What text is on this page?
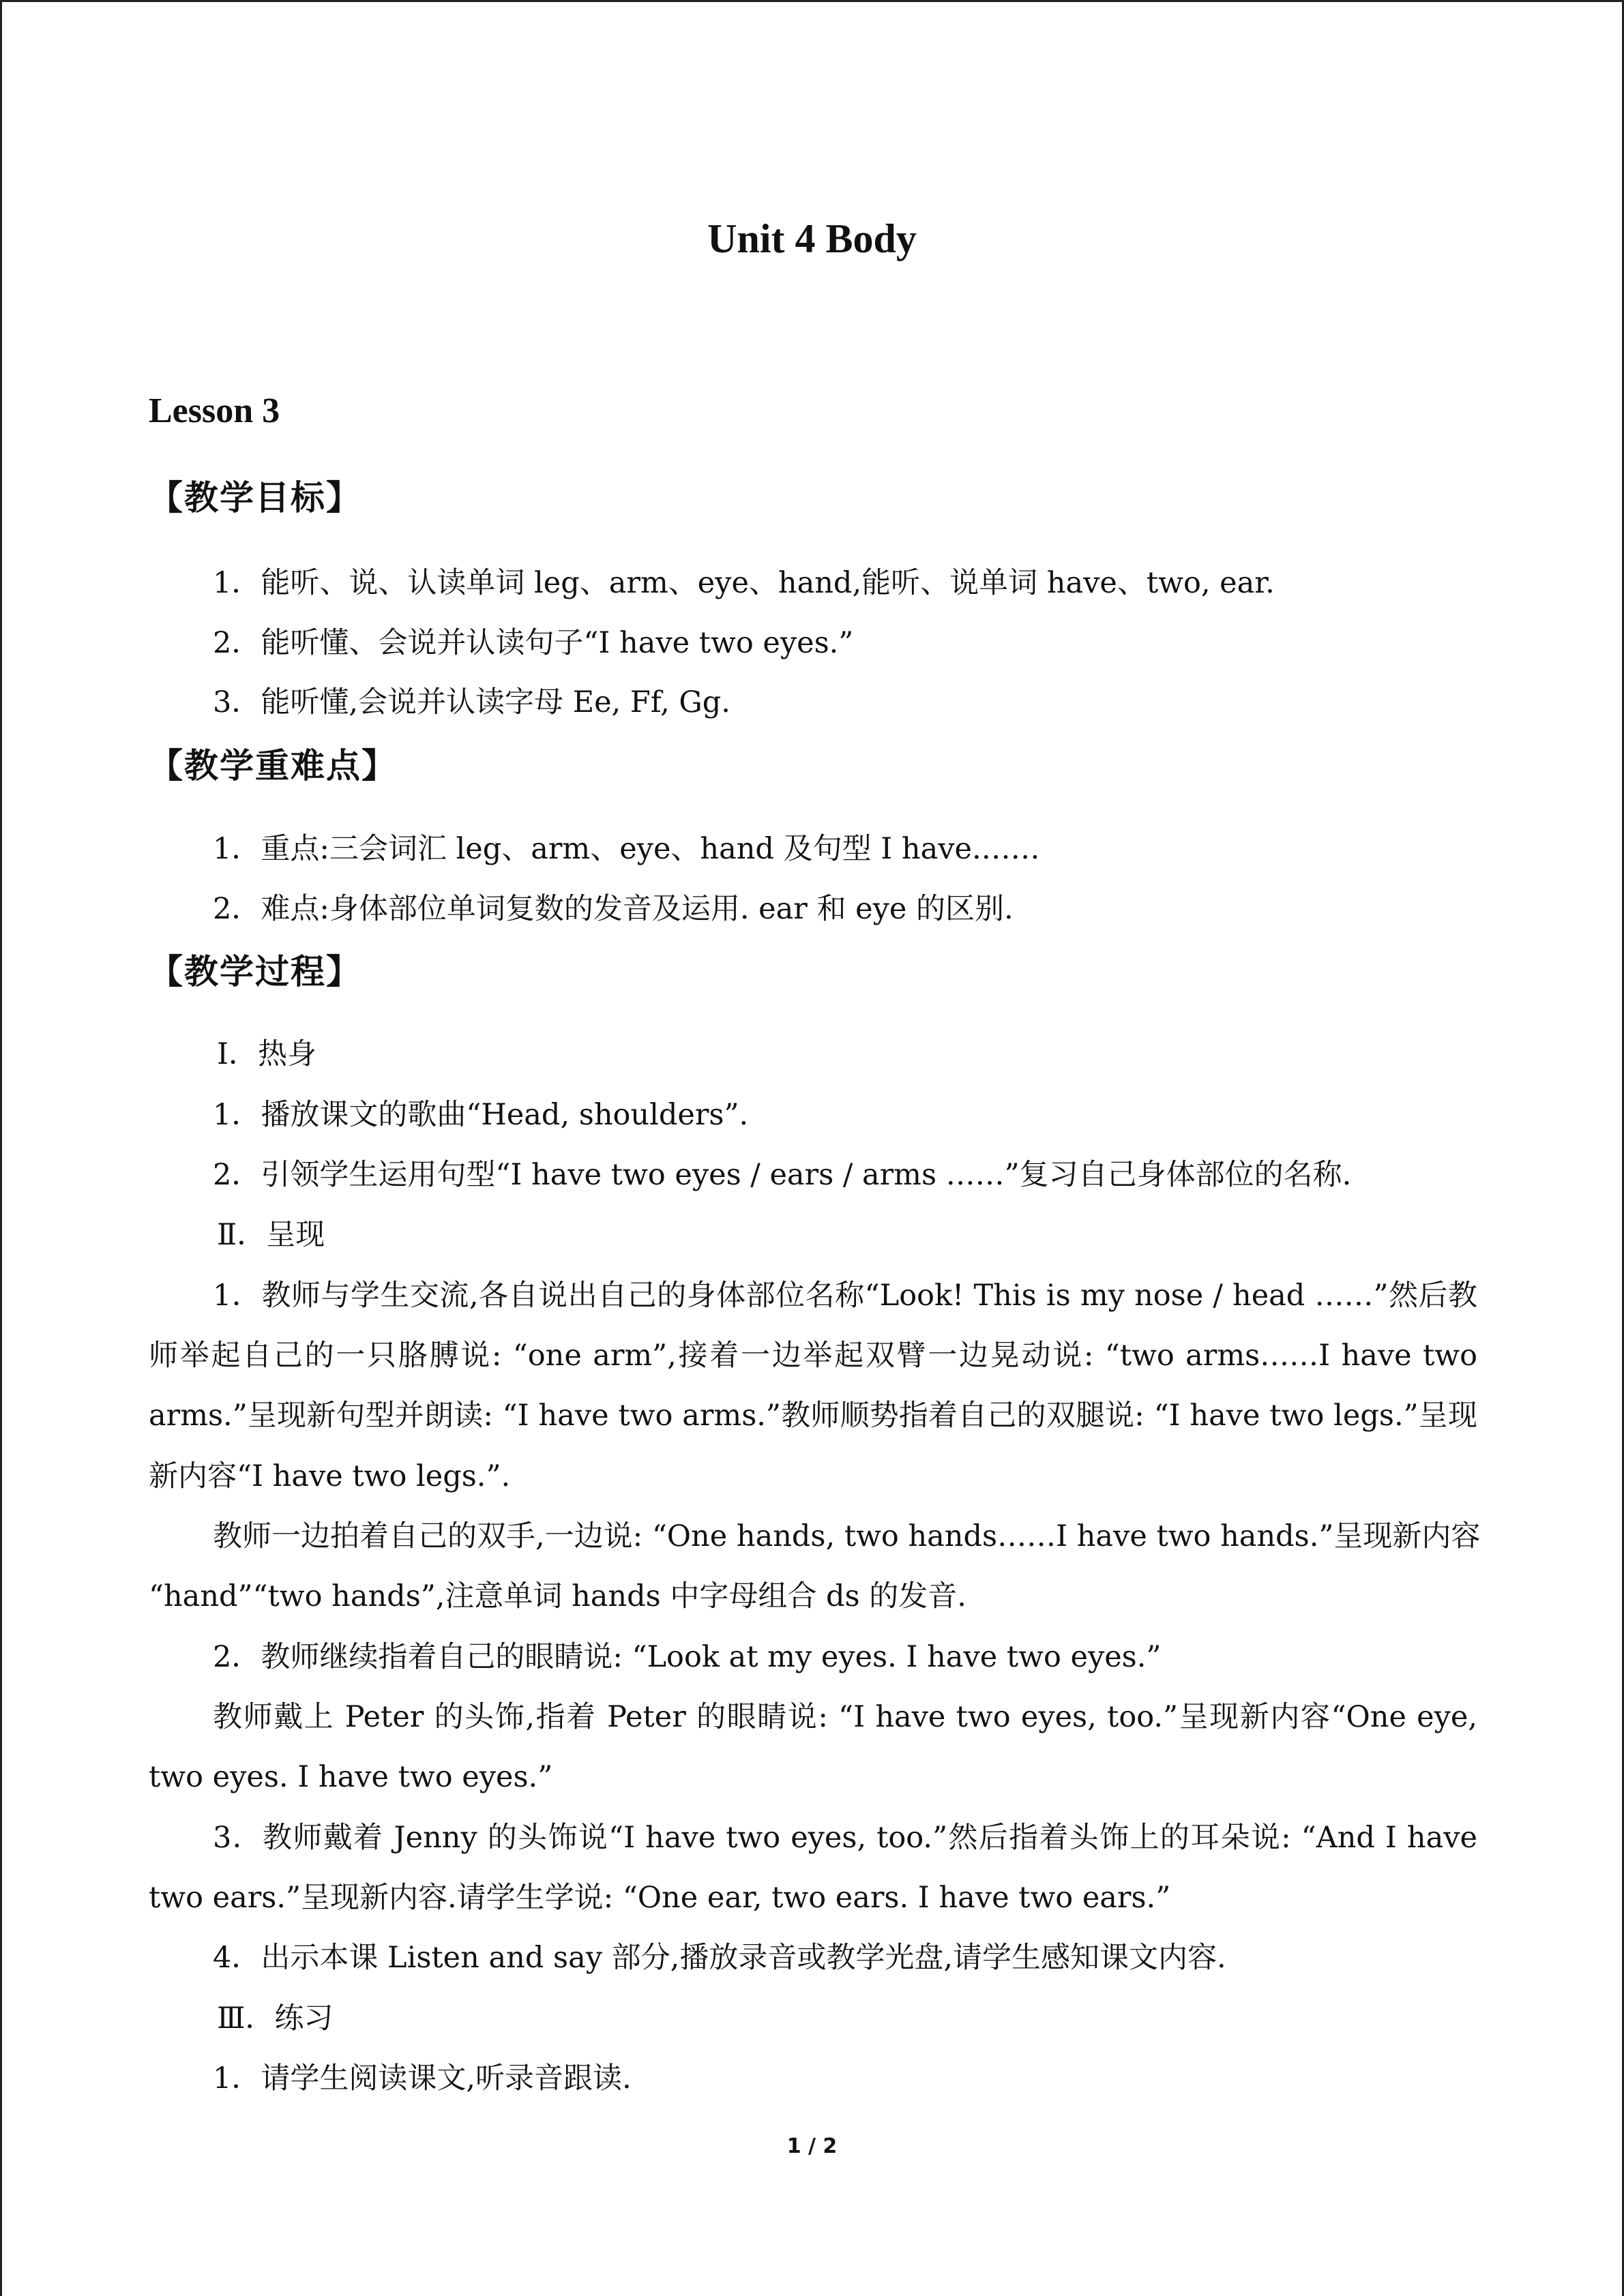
Unit 4 Body
Lesson 3
【教学目标】
1．能听、说、认读单词 leg、arm、eye、hand,能听、说单词 have、two, ear.
2．能听懂、会说并认读句子“I have two eyes.”
3．能听懂,会说并认读字母 Ee, Ff, Gg.
【教学重难点】
1．重点:三会词汇 leg、arm、eye、hand 及句型 I have.……
2．难点:身体部位单词复数的发音及运用. ear 和 eye 的区别.
【教学过程】
Ⅰ．热身
1．播放课文的歌曲“Head, shoulders”.
2．引领学生运用句型“I have two eyes / ears / arms ……”复习自己身体部位的名称.
Ⅱ．呈现
1．教师与学生交流,各自说出自己的身体部位名称“Look! This is my nose / head ……”然后教
师举起自己的一只胳膊说: “one arm”,接着一边举起双臂一边晃动说: “two arms……I have two
arms.”呈现新句型并朗读: “I have two arms.”教师顺势指着自己的双腿说: “I have two legs.”呈现
新内容“I have two legs.”.
教师一边拍着自己的双手,一边说: “One hands, two hands……I have two hands.”呈现新内容
“hand”“two hands”,注意单词 hands 中字母组合 ds 的发音.
2．教师继续指着自己的眼睛说: “Look at my eyes. I have two eyes.”
教师戴上 Peter 的头饰,指着 Peter 的眼睛说: “I have two eyes, too.”呈现新内容“One eye,
two eyes. I have two eyes.”
3．教师戴着 Jenny 的头饰说“I have two eyes, too.”然后指着头饰上的耳朵说: “And I have
two ears.”呈现新内容.请学生学说: “One ear, two ears. I have two ears.”
4．出示本课 Listen and say 部分,播放录音或教学光盘,请学生感知课文内容.
Ⅲ．练习
1．请学生阅读课文,听录音跟读.
1 / 2
